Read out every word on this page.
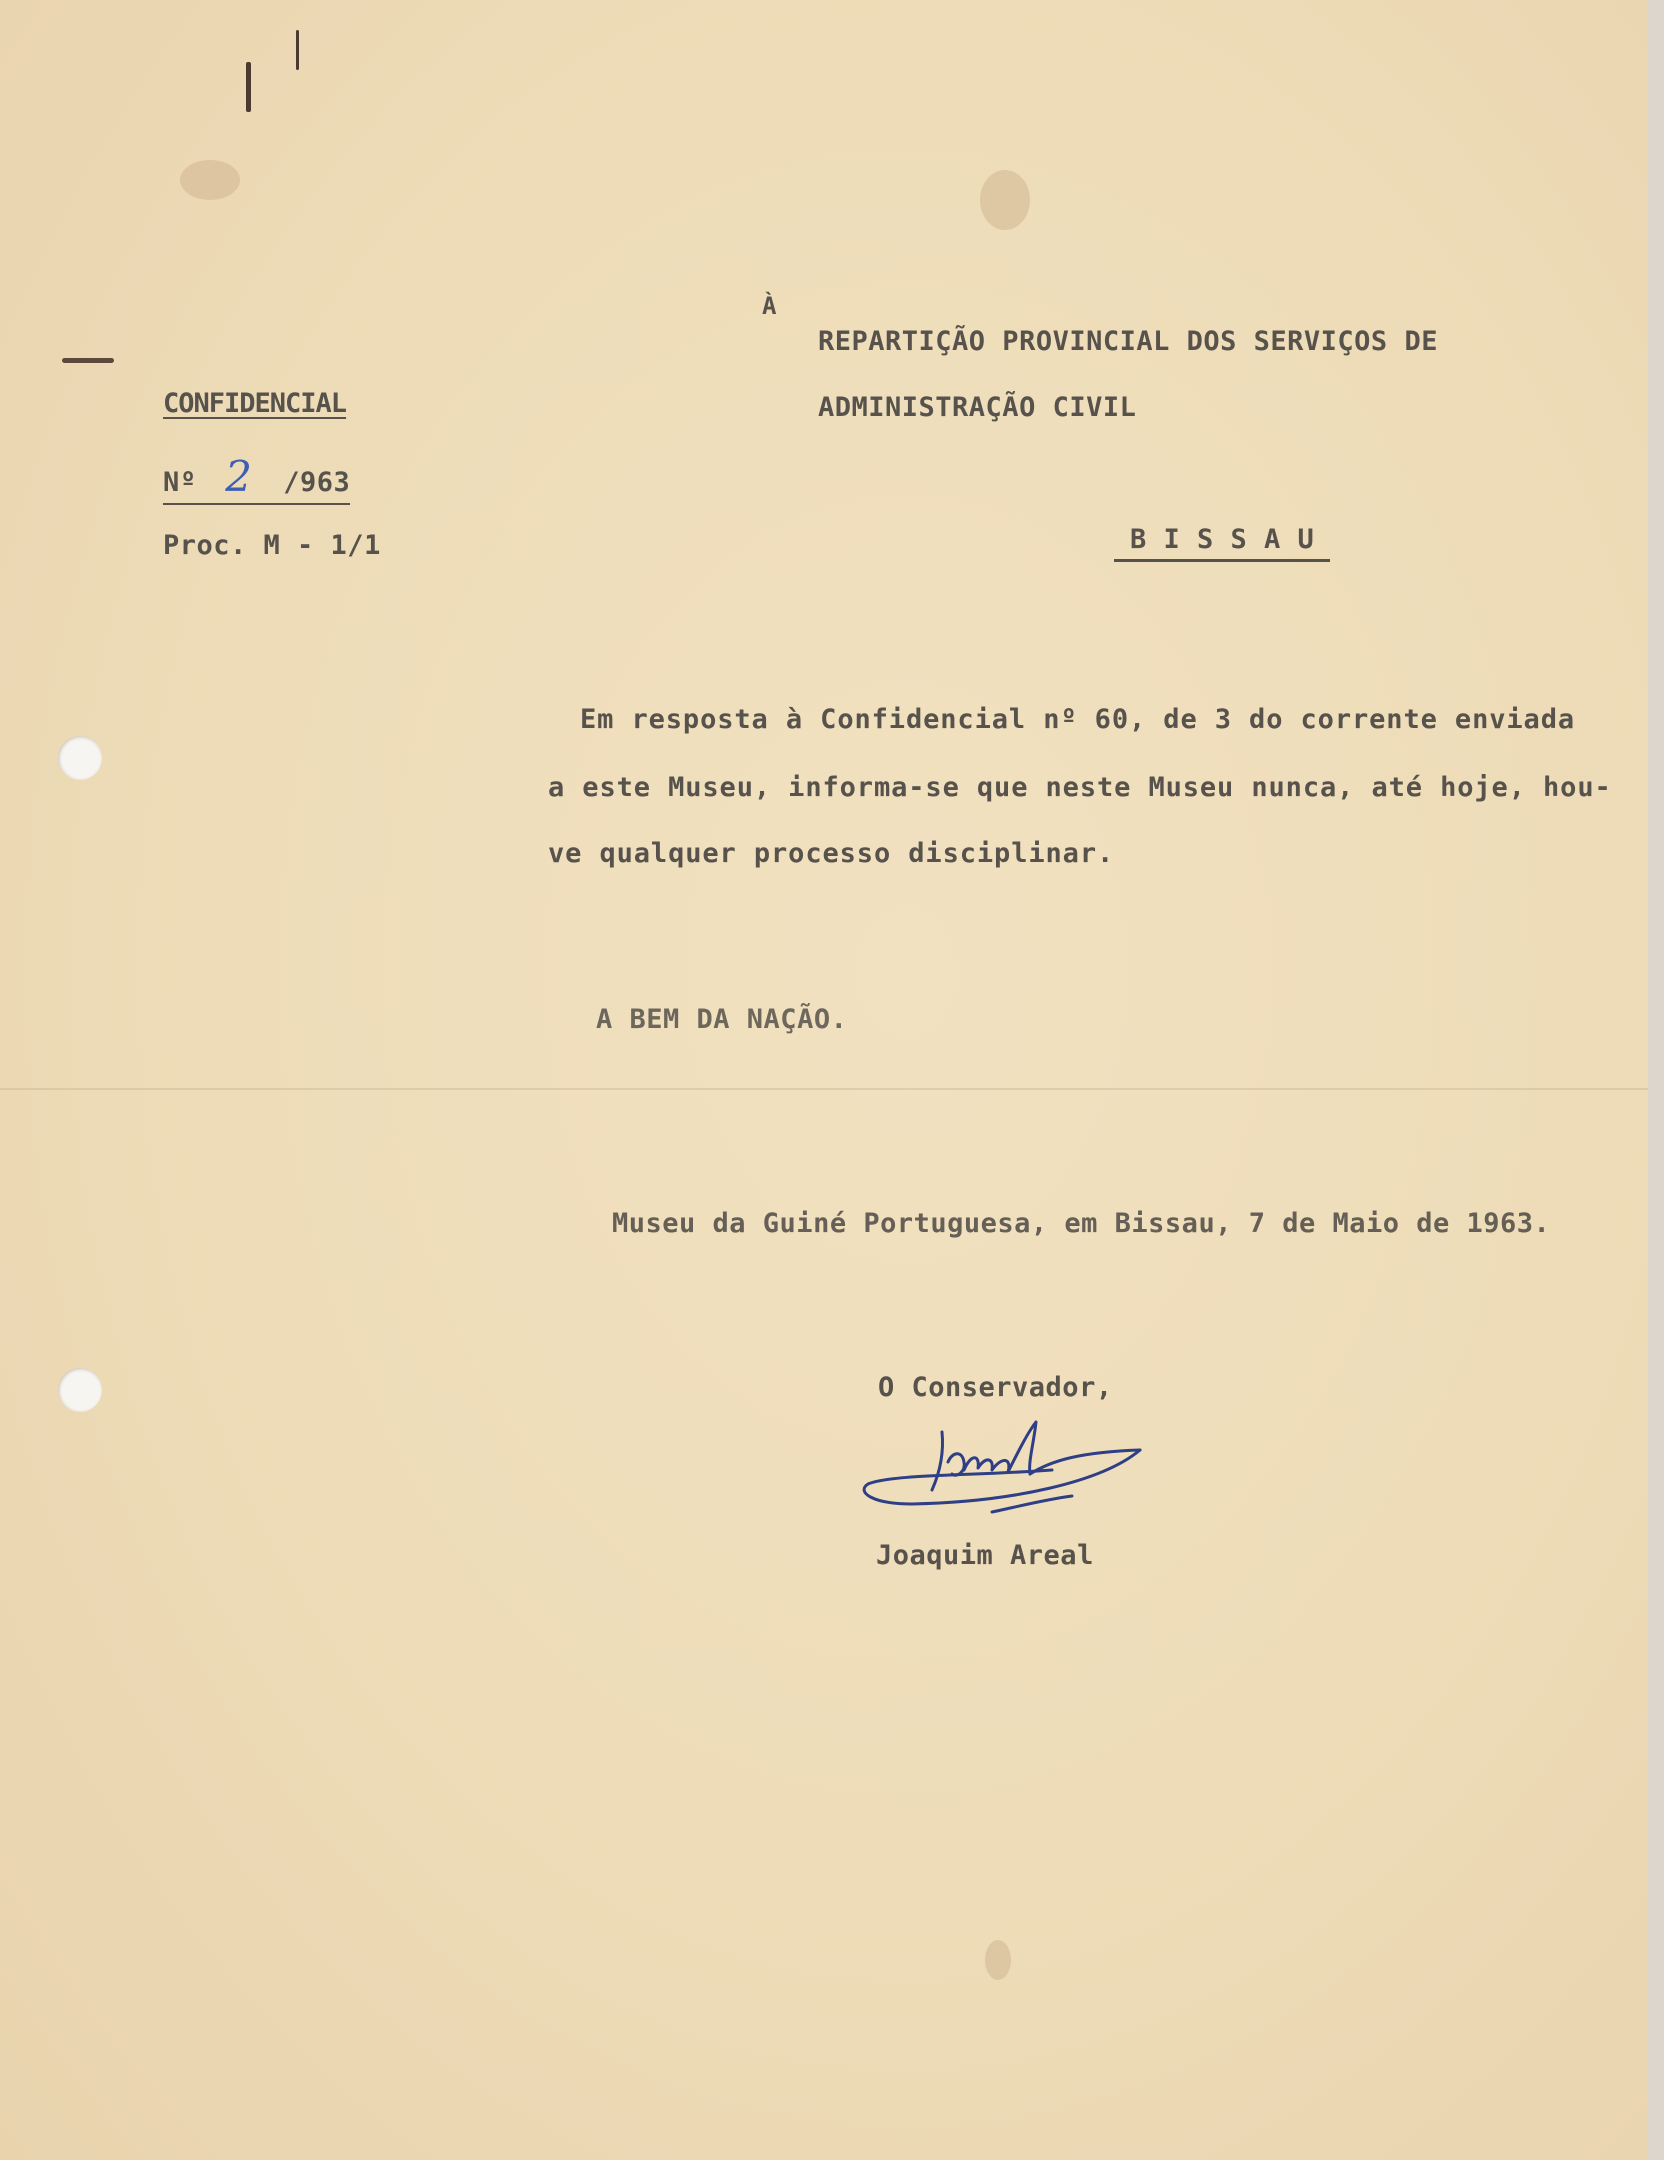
À
REPARTIÇÃO PROVINCIAL DOS SERVIÇOS DE
ADMINISTRAÇÃO CIVIL
B I S S A U
CONFIDENCIAL
Nº 2 /963
Proc. M - 1/1
Em resposta à Confidencial nº 60, de 3 do corrente enviada
a este Museu, informa-se que neste Museu nunca, até hoje, hou-
ve qualquer processo disciplinar.
A BEM DA NAÇÃO.
Museu da Guiné Portuguesa, em Bissau, 7 de Maio de 1963.
O Conservador,
Joaquim Areal
